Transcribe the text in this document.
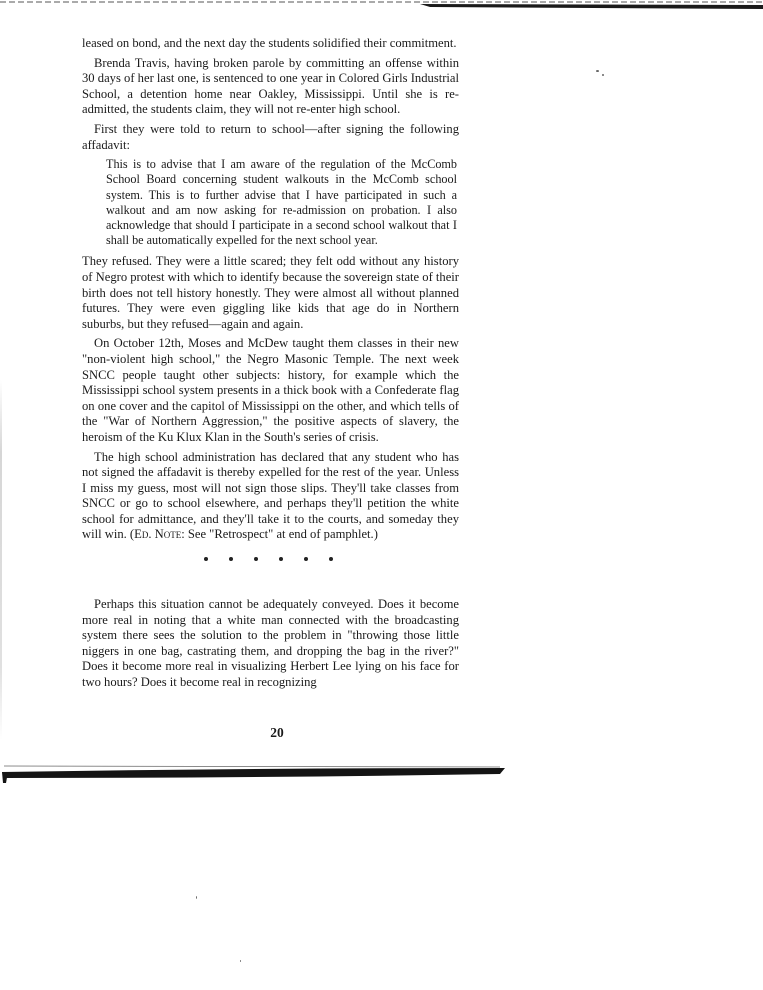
leased on bond, and the next day the students solidified their commitment.

Brenda Travis, having broken parole by committing an offense within 30 days of her last one, is sentenced to one year in Colored Girls Industrial School, a detention home near Oakley, Mississippi. Until she is re-admitted, the students claim, they will not re-enter high school.

First they were told to return to school—after signing the following affadavit:

This is to advise that I am aware of the regulation of the McComb School Board concerning student walkouts in the McComb school system. This is to further advise that I have participated in such a walkout and am now asking for re-admission on probation. I also acknowledge that should I participate in a second school walkout that I shall be automatically expelled for the next school year.

They refused. They were a little scared; they felt odd without any history of Negro protest with which to identify because the sovereign state of their birth does not tell history honestly. They were almost all without planned futures. They were even giggling like kids that age do in Northern suburbs, but they refused—again and again.

On October 12th, Moses and McDew taught them classes in their new "non-violent high school," the Negro Masonic Temple. The next week SNCC people taught other subjects: history, for example which the Mississippi school system presents in a thick book with a Confederate flag on one cover and the capitol of Mississippi on the other, and which tells of the "War of Northern Aggression," the positive aspects of slavery, the heroism of the Ku Klux Klan in the South's series of crisis.

The high school administration has declared that any student who has not signed the affadavit is thereby expelled for the rest of the year. Unless I miss my guess, most will not sign those slips. They'll take classes from SNCC or go to school elsewhere, and perhaps they'll petition the white school for admittance, and they'll take it to the courts, and someday they will win. (Ed. Note: See "Retrospect" at end of pamphlet.)

Perhaps this situation cannot be adequately conveyed. Does it become more real in noting that a white man connected with the broadcasting system there sees the solution to the problem in "throwing those little niggers in one bag, castrating them, and dropping the bag in the river?" Does it become more real in visualizing Herbert Lee lying on his face for two hours? Does it become real in recognizing

20
